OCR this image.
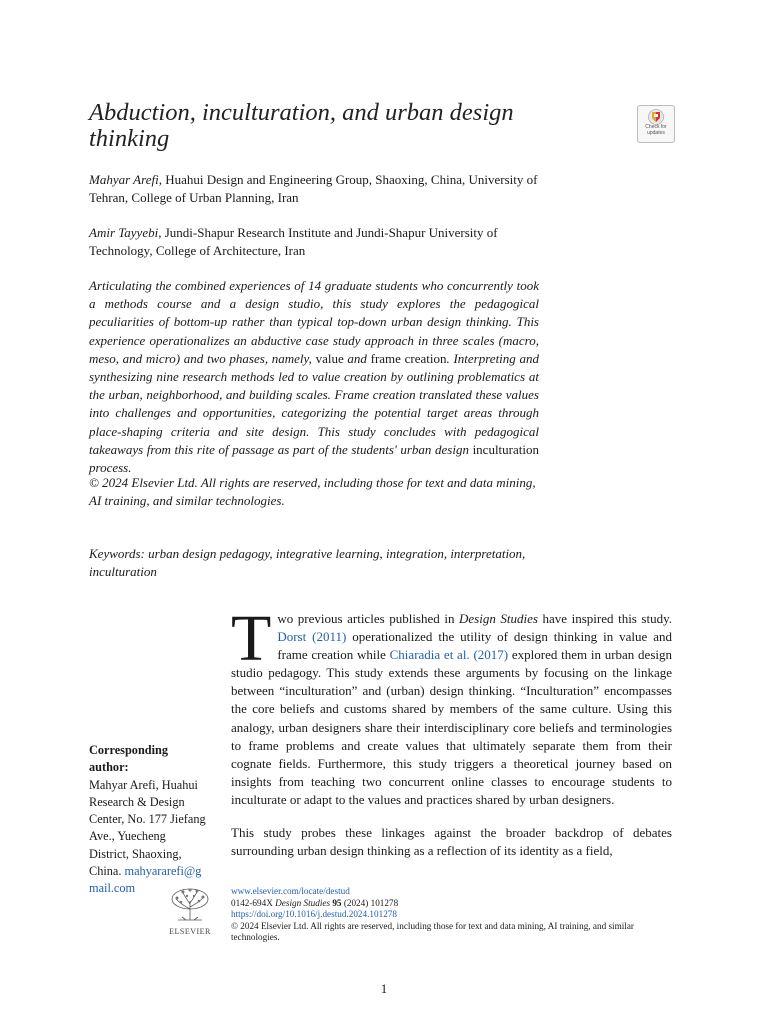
Abduction, inculturation, and urban design thinking	Check for
updates
Mahyar Arefi, Huahui Design and Engineering Group, Shaoxing, China, University of Tehran, College of Urban Planning, Iran
Amir Tayyebi, Jundi-Shapur Research Institute and Jundi-Shapur University of Technology, College of Architecture, Iran
Articulating the combined experiences of 14 graduate students who concurrently took a methods course and a design studio, this study explores the pedagogical peculiarities of bottom-up rather than typical top-down urban design thinking. This experience operationalizes an abductive case study approach in three scales (macro, meso, and micro) and two phases, namely, value and frame creation. Interpreting and synthesizing nine research methods led to value creation by outlining problematics at the urban, neighborhood, and building scales. Frame creation translated these values into challenges and opportunities, categorizing the potential target areas through place-shaping criteria and site design. This study concludes with pedagogical takeaways from this rite of passage as part of the students' urban design inculturation process.
© 2024 Elsevier Ltd. All rights are reserved, including those for text and data mining, AI training, and similar technologies.
Keywords: urban design pedagogy, integrative learning, integration, interpretation, inculturation
Two previous articles published in Design Studies have inspired this study. Dorst (2011) operationalized the utility of design thinking in value and frame creation while Chiaradia et al. (2017) explored them in urban design studio pedagogy. This study extends these arguments by focusing on the linkage between “inculturation” and (urban) design thinking. “Inculturation” encompasses the core beliefs and customs shared by members of the same culture. Using this analogy, urban designers share their interdisciplinary core beliefs and terminologies to frame problems and create values that ultimately separate them from their cognate fields. Furthermore, this study triggers a theoretical journey based on insights from teaching two concurrent online classes to encourage students to inculturate or adapt to the values and practices shared by urban designers.
This study probes these linkages against the broader backdrop of debates surrounding urban design thinking as a reflection of its identity as a field,
Corresponding author:
Mahyar Arefi, Huahui Research & Design Center, No. 177 Jiefang Ave., Yuecheng District, Shaoxing, China. mahyararefi@gmail.com
ELSEVIER
www.elsevier.com/locate/destud
0142-694X Design Studies 95 (2024) 101278
https://doi.org/10.1016/j.destud.2024.101278
© 2024 Elsevier Ltd. All rights are reserved, including those for text and data mining, AI training, and similar technologies.
1
